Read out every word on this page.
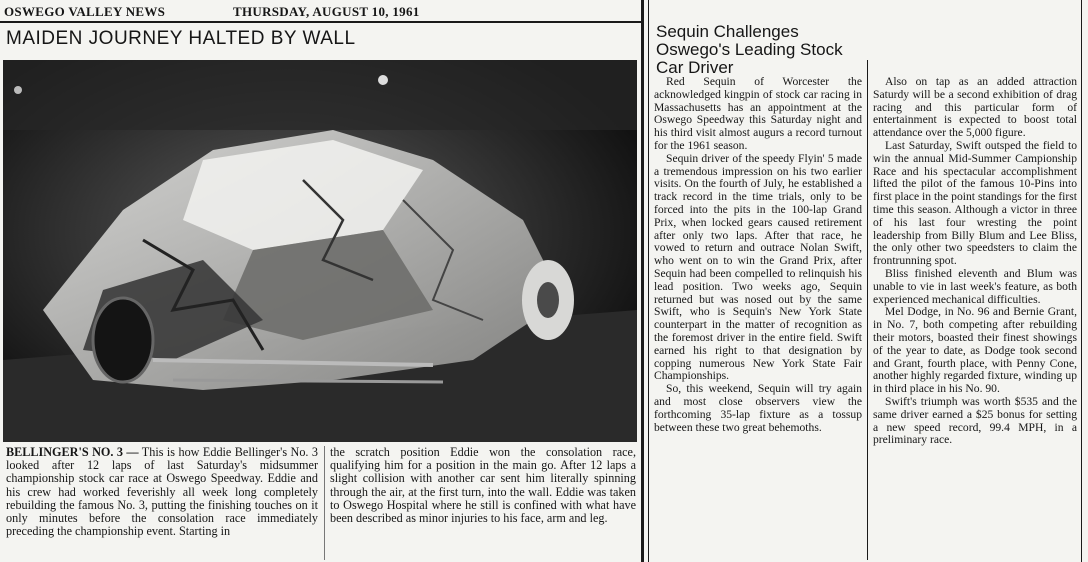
OSWEGO VALLEY NEWS	THURSDAY, AUGUST 10, 1961
MAIDEN JOURNEY HALTED BY WALL

BELLINGER'S NO. 3 — This is how Eddie Bellinger's No. 3 looked after 12 laps of last Saturday's midsummer championship stock car race at Oswego Speedway. Eddie and his crew had worked feverishly all week long completely rebuilding the famous No. 3, putting the finishing touches on it only minutes before the consolation race immediately preceding the championship event. Starting in

the scratch position Eddie won the consolation race, qualifying him for a position in the main go. After 12 laps a slight collision with another car sent him literally spinning through the air, at the first turn, into the wall. Eddie was taken to Oswego Hospital where he still is confined with what have been described as minor injuries to his face, arm and leg.

Sequin Challenges Oswego's Leading Stock Car Driver

Red Sequin of Worcester the acknowledged kingpin of stock car racing in Massachusetts has an appointment at the Oswego Speedway this Saturday night and his third visit almost augurs a record turnout for the 1961 season.

Sequin driver of the speedy Flyin' 5 made a tremendous impression on his two earlier visits. On the fourth of July, he established a track record in the time trials, only to be forced into the pits in the 100-lap Grand Prix, when locked gears caused retirement after only two laps. After that race, he vowed to return and outrace Nolan Swift, who went on to win the Grand Prix, after Sequin had been compelled to relinquish his lead position. Two weeks ago, Sequin returned but was nosed out by the same Swift, who is Sequin's New York State counterpart in the matter of recognition as the foremost driver in the entire field. Swift earned his right to that designation by copping numerous New York State Fair Championships.

So, this weekend, Sequin will try again and most close observers view the forthcoming 35-lap fixture as a tossup between these two great behemoths.

Also on tap as an added attraction Saturdy will be a second exhibition of drag racing and this particular form of entertainment is expected to boost total attendance over the 5,000 figure.

Last Saturday, Swift outsped the field to win the annual Mid-Summer Campionship Race and his spectacular accomplishment lifted the pilot of the famous 10-Pins into first place in the point standings for the first time this season. Although a victor in three of his last four wresting the point leadership from Billy Blum and Lee Bliss, the only other two speedsters to claim the frontrunning spot.

Bliss finished eleventh and Blum was unable to vie in last week's feature, as both experienced mechanical difficulties.

Mel Dodge, in No. 96 and Bernie Grant, in No. 7, both competing after rebuilding their motors, boasted their finest showings of the year to date, as Dodge took second and Grant, fourth place, with Penny Cone, another highly regarded fixture, winding up in third place in his No. 90.

Swift's triumph was worth $535 and the same driver earned a $25 bonus for setting a new speed record, 99.4 MPH, in a preliminary race.
